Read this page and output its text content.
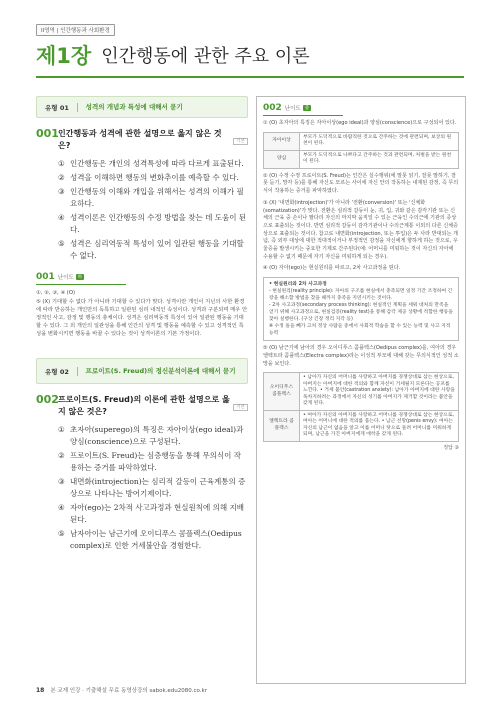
II영역 | 인간행동과 사회환경
제1장 인간행동에 관한 주요 이론
유형 01	성격의 개념과 특성에 대해서 묻기
001 인간행동과 성격에 관한 설명으로 옳지 않은 것은?	기본
① 인간행동은 개인의 성격특성에 따라 다르게 표출된다.
② 성격을 이해하면 행동의 변화추이를 예측할 수 있다.
③ 인간행동의 이해와 개입을 위해서는 성격의 이해가 필요하다.
④ 성격이론은 인간행동의 수정 방법을 찾는 데 도움이 된다.
⑤ 성격은 심리역동적 특성이 있어 일관된 행동을 기대할 수 없다.
001 난이도 하
①, ②, ③, ④ (O)
⑤ (X) 기대할 수 없다 가 아니라 기대할 수 있다가 맞다. 성격이란 개인이 지닌의 사한 환경에 따라 반응하는 개인만의 독특하고 일관된 심리 내적인 속성이다. 성격과 구분되며 매우 안정적인 사고, 감정 및 행동의 총체이다. 성격은 심리역동적 특성이 있어 일관된 행동을 기대할 수 있다. 그 외 개인의 일관성을 통해 인간의 성격 및 행동을 예측할 수 있고 성격적인 특성을 변화시키면 행동을 바꿀 수 있다는 것이 성격이론의 기본 가정이다.
유형 02	프로이트(S. Freud)의 정신분석이론에 대해서 묻기
002 프로이트(S. Freud)의 이론에 관한 설명으로 옳지 않은 것은?	기본
① 초자아(superego)의 특징은 자아이상(ego ideal)과 양심(conscience)으로 구성된다.
② 프로이트(S. Freud)는 심층행동을 통해 무의식이 작용하는 증거를 파악하였다.
③ 내면화(introjection)는 심리적 갈등이 근육계통의 증상으로 나타나는 방어기제이다.
④ 자아(ego)는 2차적 사고과정과 현실원칙에 의해 지배된다.
⑤ 남자아이는 남근기에 오이디푸스 콤플렉스(Oedipus complex)로 인한 거세불안을 경험한다.
002 난이도 중
① (O) 초자아의 특징은 자아이상(ego ideal)과 양심(conscience)으로 구성되어 있다.
자아이상	부모가 도덕적으로 바람직한 것으로 간주하는 것에 관련되며, 보상의 원천이 된다.
양심	부모가 도덕적으로 나쁘다고 간주하는 것과 관련되며, 처벌을 받는 원천이 된다.
② (O) 수정 수정 프로이트(S. Freud)는 인간은 실수행위(에 말못 읽기, 잘못 말하기, 잘못 듣기, 망각 등)를 통해 자신도 모르는 사이에 자신 안의 작동하는 내재된 감정, 즉 무의식이 작용하는 증거를 파악하였다.
③ (X) '내면화(introjection)'가 아니라 '전환(conversion)' 또는 '신체화(somatization)'가 맞다. 전환은 심리적 갈등이 눈, 귀, 입, 귀와 같은 감각기관 또는 신체의 근육 중 손이나 팔다리 자신의 마지막 움직일 수 있는 근육인 수의근에 기관의 증상으로 표출되는 것이다. 반면 심리적 갈등이 감각기관이나 수의근계통 이외의 다른 신체증상으로 표출되는 것이다. 참고로 내면화(introjection, 또는 투입)은 두 사라 반대되는 개념, 즉 외부 대상에 대한 적대적이거나 부정적인 감정을 자신에게 향하게 하는 것으로, 우울증을 발생시키는 중요한 기제로 간주된다(예: 어머니를 미워하는 것이 자신의 자아에 수용할 수 없기 때문에 자기 자신을 미워하게 되는 경우).
④ (O) 자아(ego)는 현실원리를 따르고, 2차 사고과정을 띤다.
• 현실원리와 2차 사고과정
- 현실원리(reality principle): 자아의 구조를 현실에서 충족되면 일정 기간 조정하여 긴장을 해소할 방법을 찾을 때까지 충족을 지연시키는 것이다.
- 2차 사고과정(secondary process thinking): 현실적인 계획을 세워 대처의 만족을 얻기 위해 사고과정으로, 현실검증(reality test)을 통해 감각 제공 상황에 적합한 행동을 찾아 실행한다. (구상 긴장 정리 지각 등)
※ 수정 돌을 빼가 고쳐 정상 사람들 중에서 사회적 학습을 할 수 있는 능력 및 사고 지적 능력
⑤ (O) 남근기에 남아의 경우 오이디푸스 콤플렉스(Oedipus complex)를, 여아의 경우 엘렉트라 콤플렉스(Electra complex)라는 이성적 부모에 대해 갖는 무의식적인 성적 소망을 보인다.
오이디푸스 콤플렉스	• 남아가 자신의 어머니를 사랑하고 아버지를 경쟁상대로 삼는 현상으로, 아버지는 아버지에 대한 적의와 함께 자신이 거세될지 모른다는 공포를 느낀다. • 거세 불안(castration anxiety): 남아가 아버지에 대한 사랑을 독차지하려는 과정에서 자신의 성기를 아버지가 제거할 것이라는 불안을 갖게 된다.
엘렉트라 콤플렉스	• 여아가 자신의 아버지를 사랑하고 어머니를 경쟁상대로 삼는 현상으로, 여아는 어머니에 대한 적의를 품는다. • 남근 선망(penis envy): 여아는 자신의 남근이 없음을 알고 이를 어머니 탓으로 돌려 어머니를 미워하게 되며, 남근을 가진 아버지에게 애착을 갖게 된다.
정답 ③
18 본 교재 인강 · 기출해설 무료 동영상강의 sabok.edu2080.co.kr
